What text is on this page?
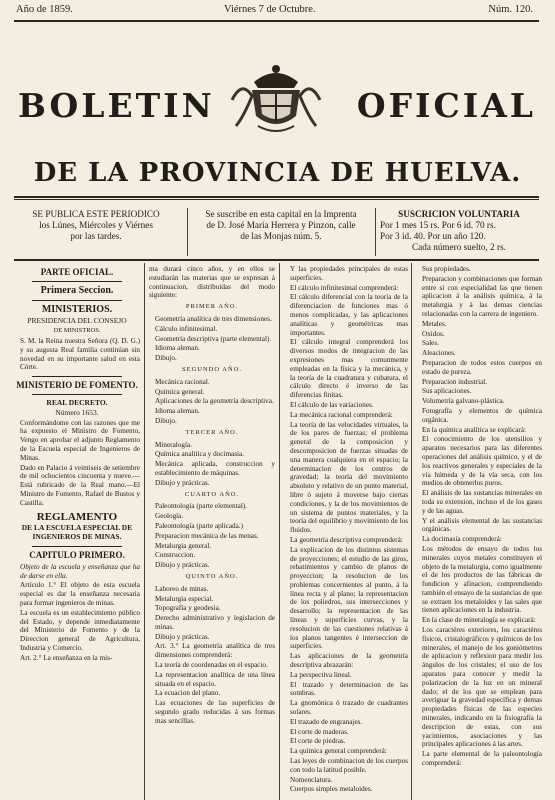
Año de 1859.	Viérnes 7 de Octubre.	Núm. 120.
BOLETIN	OFICIAL
DE LA PROVINCIA DE HUELVA.
SE PUBLICA ESTE PERIODICO
los Lúnes, Miércoles y Viérnes
por las tardes.
Se suscribe en esta capital en la Imprenta
de D. José María Herrera y Pinzon, calle
de las Monjas núm. 5.
SUSCRICION VOLUNTARIA
Por 1 mes 15 rs. Por 6 id. 70 rs.
Por 3 id. 40. Por un año 120.
Cada número suelto, 2 rs.
PARTE OFICIAL.
Primera Seccion.
MINISTERIOS.
PRESIDENCIA DEL CONSEJO
DE MINISTROS.

S. M. la Reina nuestra Señora (Q. D. G.) y su augusta Real familia continúan sin novedad en su importante salud en esta Córte.

MINISTERIO DE FOMENTO.
REAL DECRETO.
Número 1653.

Conformándome con las razones que me ha expuesto el Ministro de Fomento, Vengo en aprobar el adjunto Reglamento de la Escuela especial de Ingenieros de Minas.

Dado en Palacio á veintiseis de setiembre de mil ochocientos cincuenta y nueve.—Está rubricado de la Real mano.—El Ministro de Fomento, Rafael de Bustos y Castilla.

REGLAMENTO
DE LA ESCUELA ESPECIAL DE INGENIEROS DE MINAS.
CAPITULO PRIMERO.

Objeto de la escuela y enseñanza que ha de darse en ella.

Artículo 1.° El objeto de esta escuela especial es dar la enseñanza necesaria para formar ingenieros de minas.

La escuela es un establecimiento público del Estado, y depende inmediatamente del Ministerio de Fomento y de la Direccion general de Agricultura, Industria y Comercio.

Art. 2.° La enseñanza en la mis-

ma durará cinco años, y en ellos se estudiarán las materias que se expresan á continuacion, distribuidas del modo siguiente:

PRIMER AÑO.

Geometría analítica de tres dimensiones.

Cálculo infinitesimal.

Geometría descriptiva (parte elemental).

Idioma aleman.

Dibujo.

SEGUNDO AÑO.

Mecánica racional.

Química general.

Aplicaciones de la geometría descriptiva.

Idioma aleman.

Dibujo.

TERCER AÑO.

Mineralogía.

Química analítica y docimasia.

Mecánica aplicada, construccion y establecimiento de máquinas.

Dibujo y prácticas.

CUARTO AÑO.

Paleontología (parte elemental).

Geología.

Paleontología (parte aplicada.)

Preparacion mecánica de las menas.

Metalurgia general.

Construccion.

Dibujo y prácticas.

QUINTO AÑO.

Laboreo de minas.

Metalurgia especial.

Topografía y geodesia.

Derecho administrativo y legislacion de minas.

Dibujo y prácticas.

Art. 3.° La geometría analítica de tres dimensiones comprenderá:

La teoría de coordenadas en el espacio.

La representacion analítica de una línea situada en el espacio.

La ecuacion del plano.

Las ecuaciones de las superficies de segundo grado reducidas á sus formas mas sencillas.

Y las propiedades principales de estas superficies.

El cálculo infinitesimal comprenderá:

El cálculo diferencial con la teoría de la diferenciacion de funciones mas ó menos complicadas, y las aplicaciones analíticas y geométricas mas importantes.

El cálculo integral comprenderá los diversos modos de integracion de las expresiones mas comunmente empleadas en la física y la mecánica, y la teoría de la cuadratura y cubatura, el cálculo directo é inverso de las diferencias finitas.

El cálculo de las variaciones.

La mecánica racional comprenderá:

La teoría de las velocidades virtuales, la de los pares de fuerzas; el problema general de la composicion y descomposicion de fuerzas situadas de una manera cualquiera en el espacio; la determinacion de los centros de gravedad; la teoría del movimiento absoluto y relativo de un punto material, libre ó sujeto á moverse bajo ciertas condiciones, y la de los movimientos de un sistema de puntos materiales, y la teoría del equilibrio y movimiento de los fluidos.

La geometría descriptiva comprenderá:

La explicacion de los distintos sistemas de proyecciones; el estudio de las giros, rebatimientos y cambio de planos de proyeccion; la resolucion de los problemas concernientes al punto, á la línea recta y al plano; la representacion de los poliedros, sus intersecciones y desarrollo; la representacion de las líneas y superficies curvas, y la resolucion de las cuestiones relativas á los planos tangentes é interseccion de superficies.

Las aplicaciones de la geometría descriptiva abrazarán:

La perspectiva lineal.

El trazado y determinacion de las sombras.

La gnomónica ó trazado de cuadrantes solares.

El trazado de engranajes.

El corte de maderas.

El corte de piedras.

La química general comprenderá:

Las leyes de combinacion de los cuerpos con todo la latitud posible.

Nomenclatura.

Cuerpos simples metaloides.

Sus propiedades.

Preparacion y combinaciones que forman entre sí con especialidad las que tienen aplicacion á la análisis química, á la metalurgia y á las demas ciencias relacionadas con la carrera de ingeniero.

Metales.

Oxidos.

Sales.

Aleaciones.

Preparacion de todos estos cuerpos en estado de pureza.

Preparacion industrial.

Sus aplicaciones.

Volumetría galvano-plástica.

Fotografía y elementos de química orgánica.

En la química analítica se explicará:

El conocimiento de los utensilios y aparatos necesarios para las diferentes operaciones del análisis químico, y el de los reactivos generales y especiales de la vía húmeda y de la vía seca, con los medios de obtenerlos puros.

El análisis de las sustancias minerales en toda su extension, incluso el de los gases y de las aguas.

Y el análisis elemental de las sustancias orgánicas.

La docimasia comprenderá:

Los métodos de ensayo de todos los minerales cuyos metales constituyen el objeto de la metalurgia, como igualmente el de los productos de las fábricas de fundicion y afinacion, comprendiendo también el ensayo de la sustancias de que se extraen los metaloides y las sales que tienen aplicaciones en la industria.

En la clase de mineralogía se explicará:

Los caractéres exteriores, los caractéres físicos, cristalográficos y químicos de los minerales, el manejo de los goniómetros de aplicacion y reflexion para medir los ángulos de los cristales; el uso de los aparatos para conocer y medir la polarizacion de la luz en un mineral dado; el de los que se emplean para averiguar la gravedad específica y demas propiedades físicas de las especies minerales, indicando en la fisiografía la descripcion de estas, con sus yacimientos, asociaciones y las principales aplicaciones á las artes.

La parte elemental de la paleontología comprenderá:
